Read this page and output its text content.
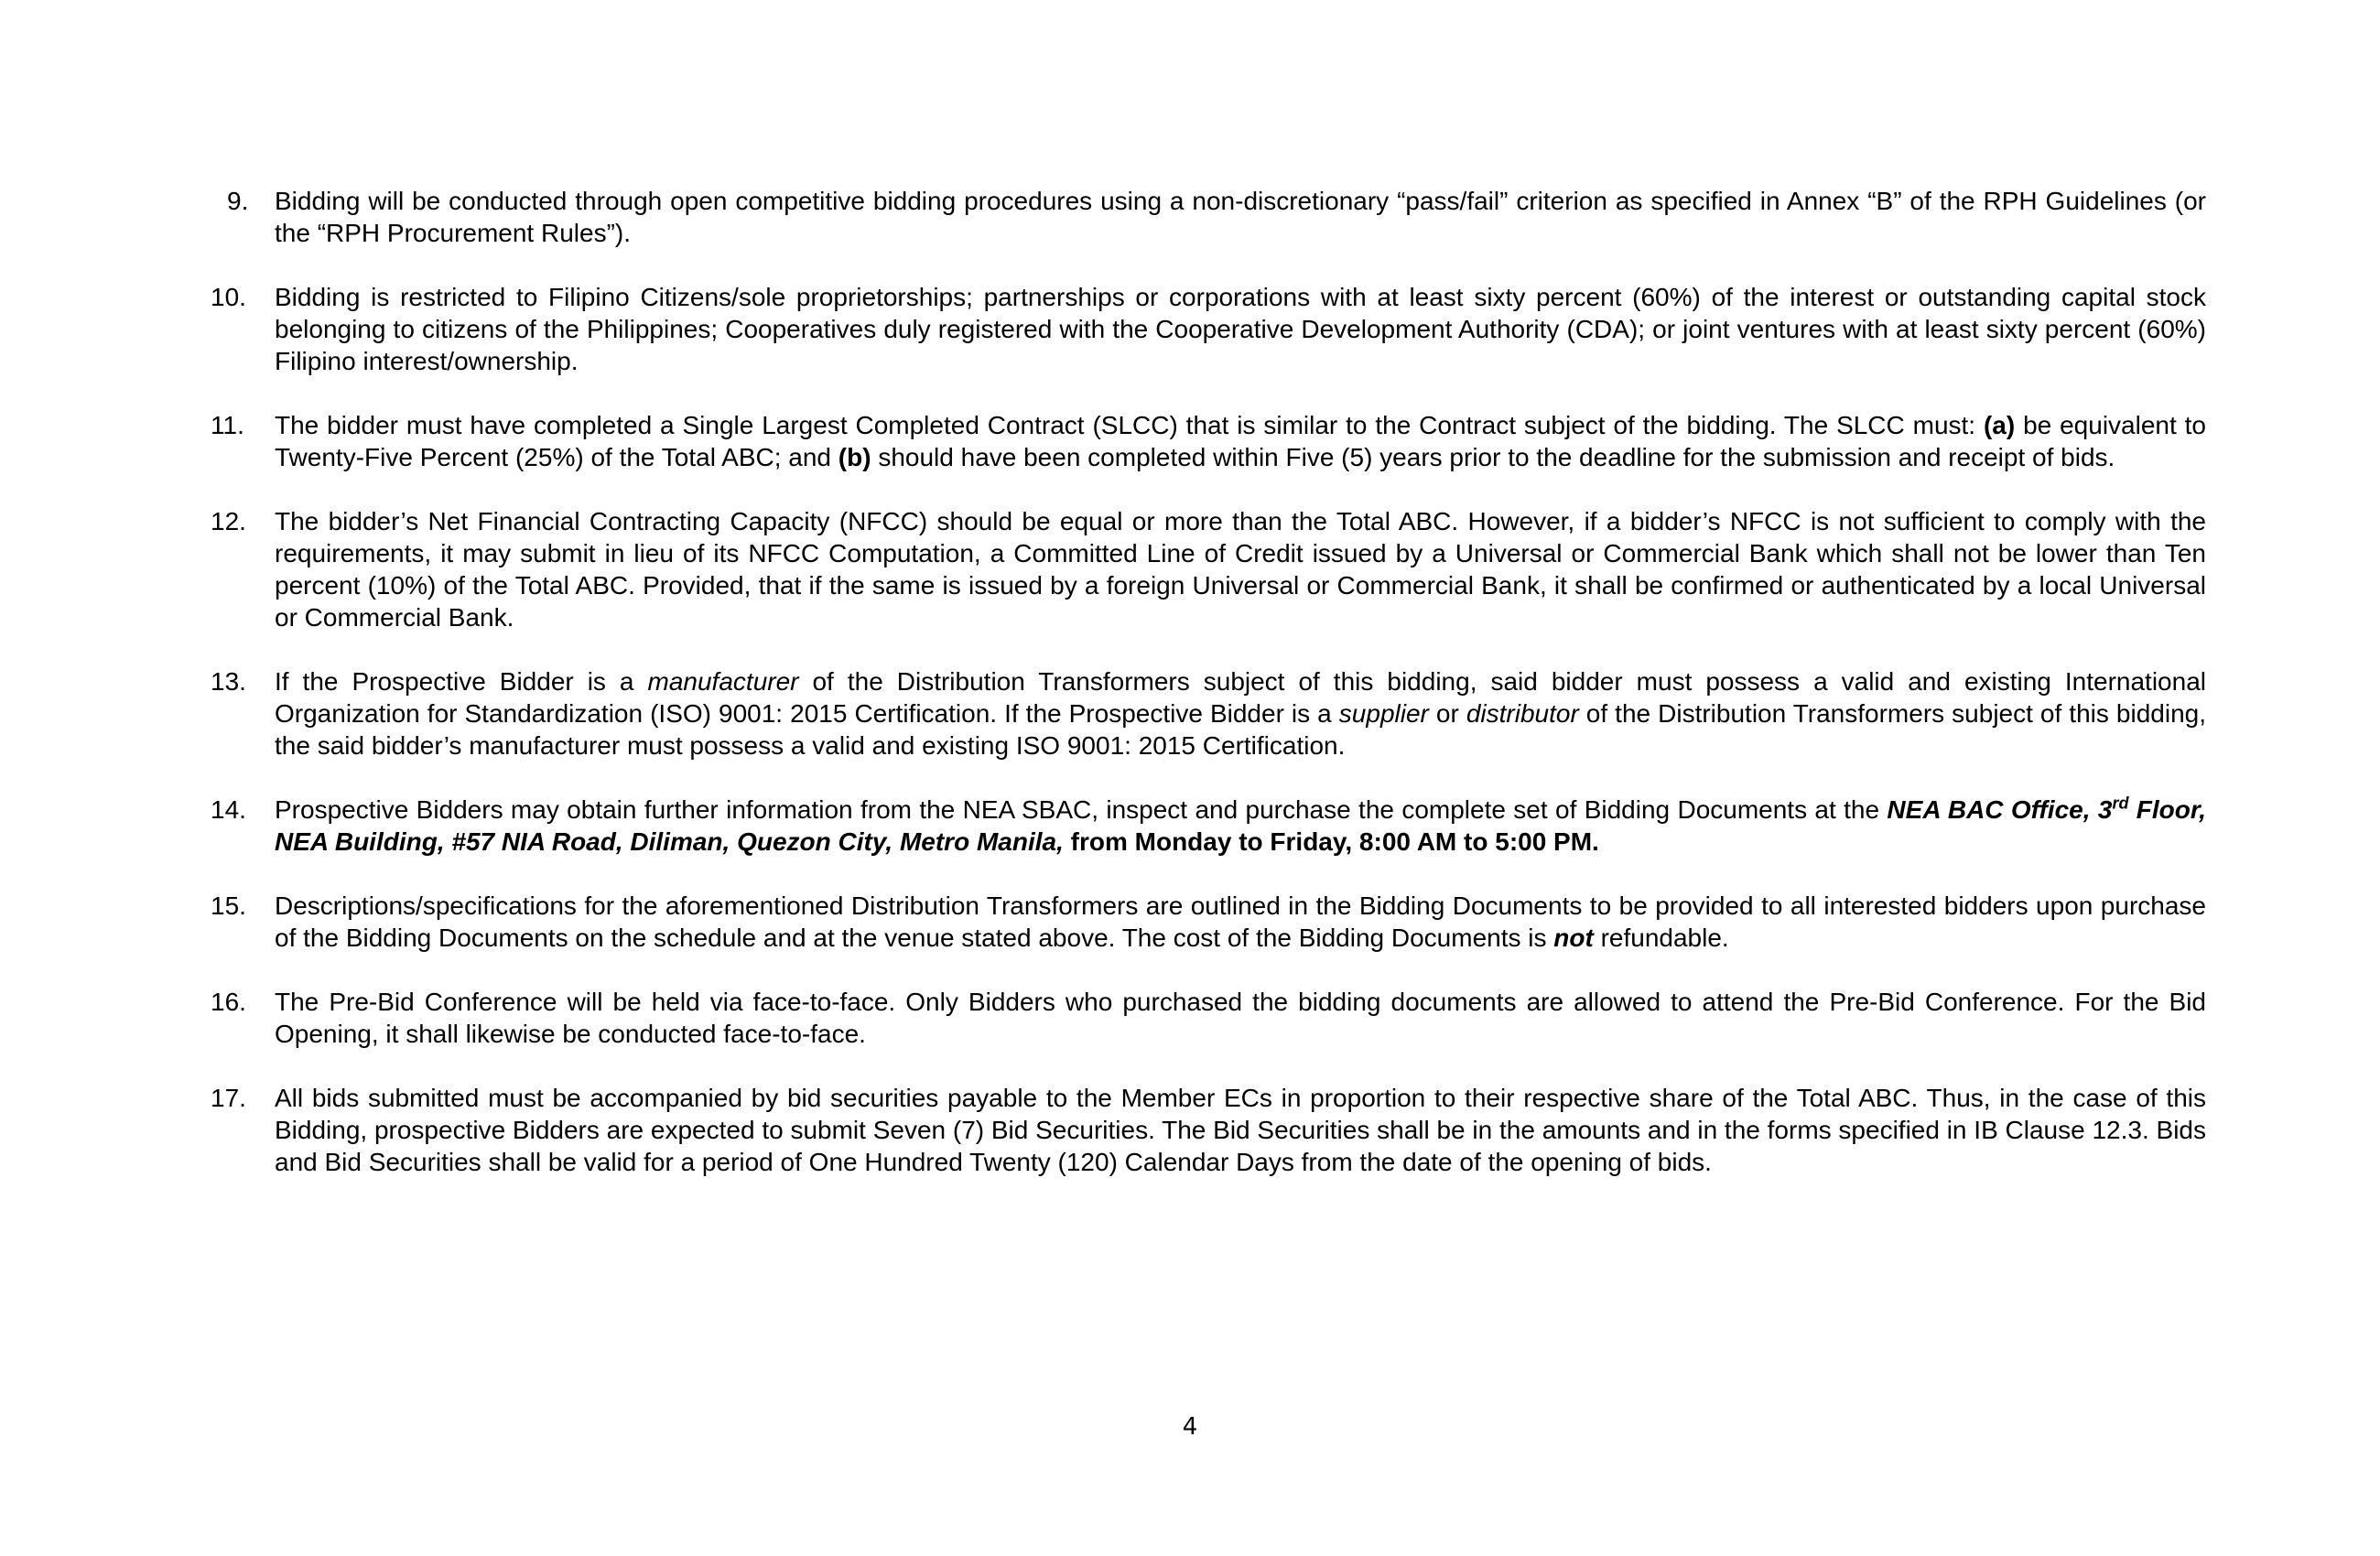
9.	Bidding will be conducted through open competitive bidding procedures using a non-discretionary “pass/fail” criterion as specified in Annex “B” of the RPH Guidelines (or the “RPH Procurement Rules”).
10.	Bidding is restricted to Filipino Citizens/sole proprietorships; partnerships or corporations with at least sixty percent (60%) of the interest or outstanding capital stock belonging to citizens of the Philippines; Cooperatives duly registered with the Cooperative Development Authority (CDA); or joint ventures with at least sixty percent (60%) Filipino interest/ownership.
11.	The bidder must have completed a Single Largest Completed Contract (SLCC) that is similar to the Contract subject of the bidding. The SLCC must: (a) be equivalent to Twenty-Five Percent (25%) of the Total ABC; and (b) should have been completed within Five (5) years prior to the deadline for the submission and receipt of bids.
12.	The bidder’s Net Financial Contracting Capacity (NFCC) should be equal or more than the Total ABC. However, if a bidder’s NFCC is not sufficient to comply with the requirements, it may submit in lieu of its NFCC Computation, a Committed Line of Credit issued by a Universal or Commercial Bank which shall not be lower than Ten percent (10%) of the Total ABC. Provided, that if the same is issued by a foreign Universal or Commercial Bank, it shall be confirmed or authenticated by a local Universal or Commercial Bank.
13.	If the Prospective Bidder is a manufacturer of the Distribution Transformers subject of this bidding, said bidder must possess a valid and existing International Organization for Standardization (ISO) 9001: 2015 Certification. If the Prospective Bidder is a supplier or distributor of the Distribution Transformers subject of this bidding, the said bidder’s manufacturer must possess a valid and existing ISO 9001: 2015 Certification.
14.	Prospective Bidders may obtain further information from the NEA SBAC, inspect and purchase the complete set of Bidding Documents at the NEA BAC Office, 3rd Floor, NEA Building, #57 NIA Road, Diliman, Quezon City, Metro Manila, from Monday to Friday, 8:00 AM to 5:00 PM.
15.	Descriptions/specifications for the aforementioned Distribution Transformers are outlined in the Bidding Documents to be provided to all interested bidders upon purchase of the Bidding Documents on the schedule and at the venue stated above. The cost of the Bidding Documents is not refundable.
16.	The Pre-Bid Conference will be held via face-to-face. Only Bidders who purchased the bidding documents are allowed to attend the Pre-Bid Conference. For the Bid Opening, it shall likewise be conducted face-to-face.
17.	All bids submitted must be accompanied by bid securities payable to the Member ECs in proportion to their respective share of the Total ABC. Thus, in the case of this Bidding, prospective Bidders are expected to submit Seven (7) Bid Securities. The Bid Securities shall be in the amounts and in the forms specified in IB Clause 12.3. Bids and Bid Securities shall be valid for a period of One Hundred Twenty (120) Calendar Days from the date of the opening of bids.
4
